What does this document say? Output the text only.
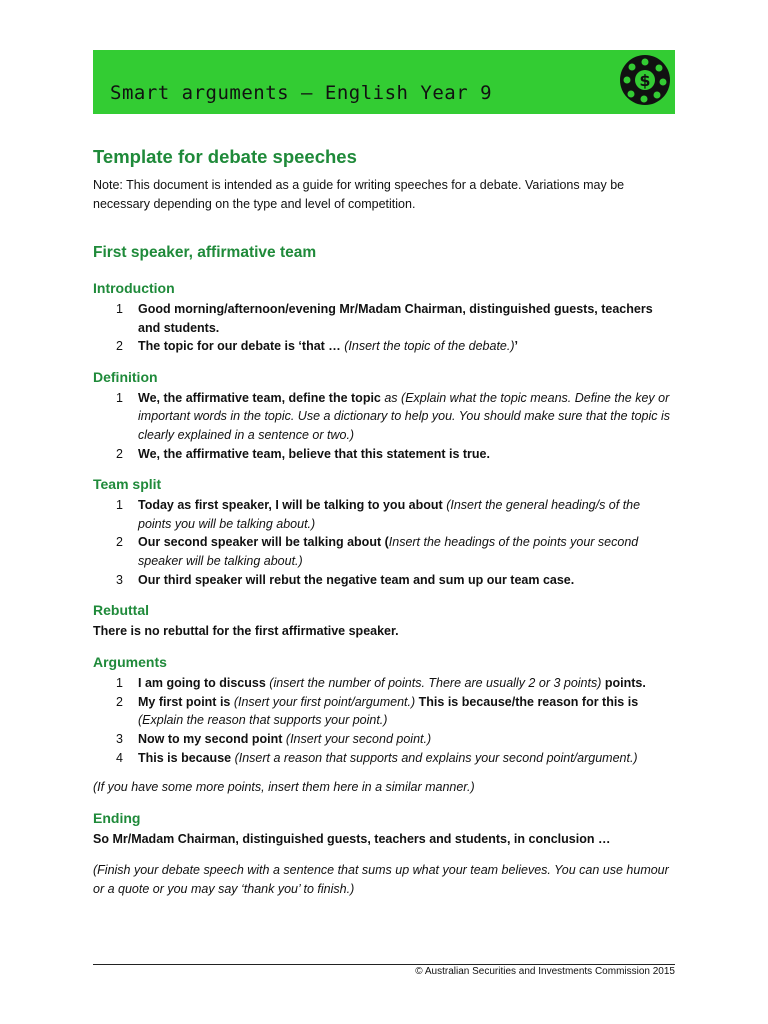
Smart arguments – English Year 9
$
Template for debate speeches

Note: This document is intended as a guide for writing speeches for a debate. Variations may be necessary depending on the type and level of competition.

First speaker, affirmative team
Introduction
1	Good morning/afternoon/evening Mr/Madam Chairman, distinguished guests, teachers and students.
2	The topic for our debate is ‘that … (Insert the topic of the debate.)’
Definition
1	We, the affirmative team, define the topic as (Explain what the topic means. Define the key or important words in the topic. Use a dictionary to help you. You should make sure that the topic is clearly explained in a sentence or two.)
2	We, the affirmative team, believe that this statement is true.
Team split
1	Today as first speaker, I will be talking to you about (Insert the general heading/s of the points you will be talking about.)
2	Our second speaker will be talking about (Insert the headings of the points your second speaker will be talking about.)
3	Our third speaker will rebut the negative team and sum up our team case.
Rebuttal

There is no rebuttal for the first affirmative speaker.

Arguments
1	I am going to discuss (insert the number of points. There are usually 2 or 3 points) points.
2	My first point is (Insert your first point/argument.) This is because/the reason for this is (Explain the reason that supports your point.)
3	Now to my second point (Insert your second point.)
4	This is because (Insert a reason that supports and explains your second point/argument.)

(If you have some more points, insert them here in a similar manner.)

Ending

So Mr/Madam Chairman, distinguished guests, teachers and students, in conclusion …

(Finish your debate speech with a sentence that sums up what your team believes. You can use humour or a quote or you may say ‘thank you’ to finish.)

© Australian Securities and Investments Commission 2015
